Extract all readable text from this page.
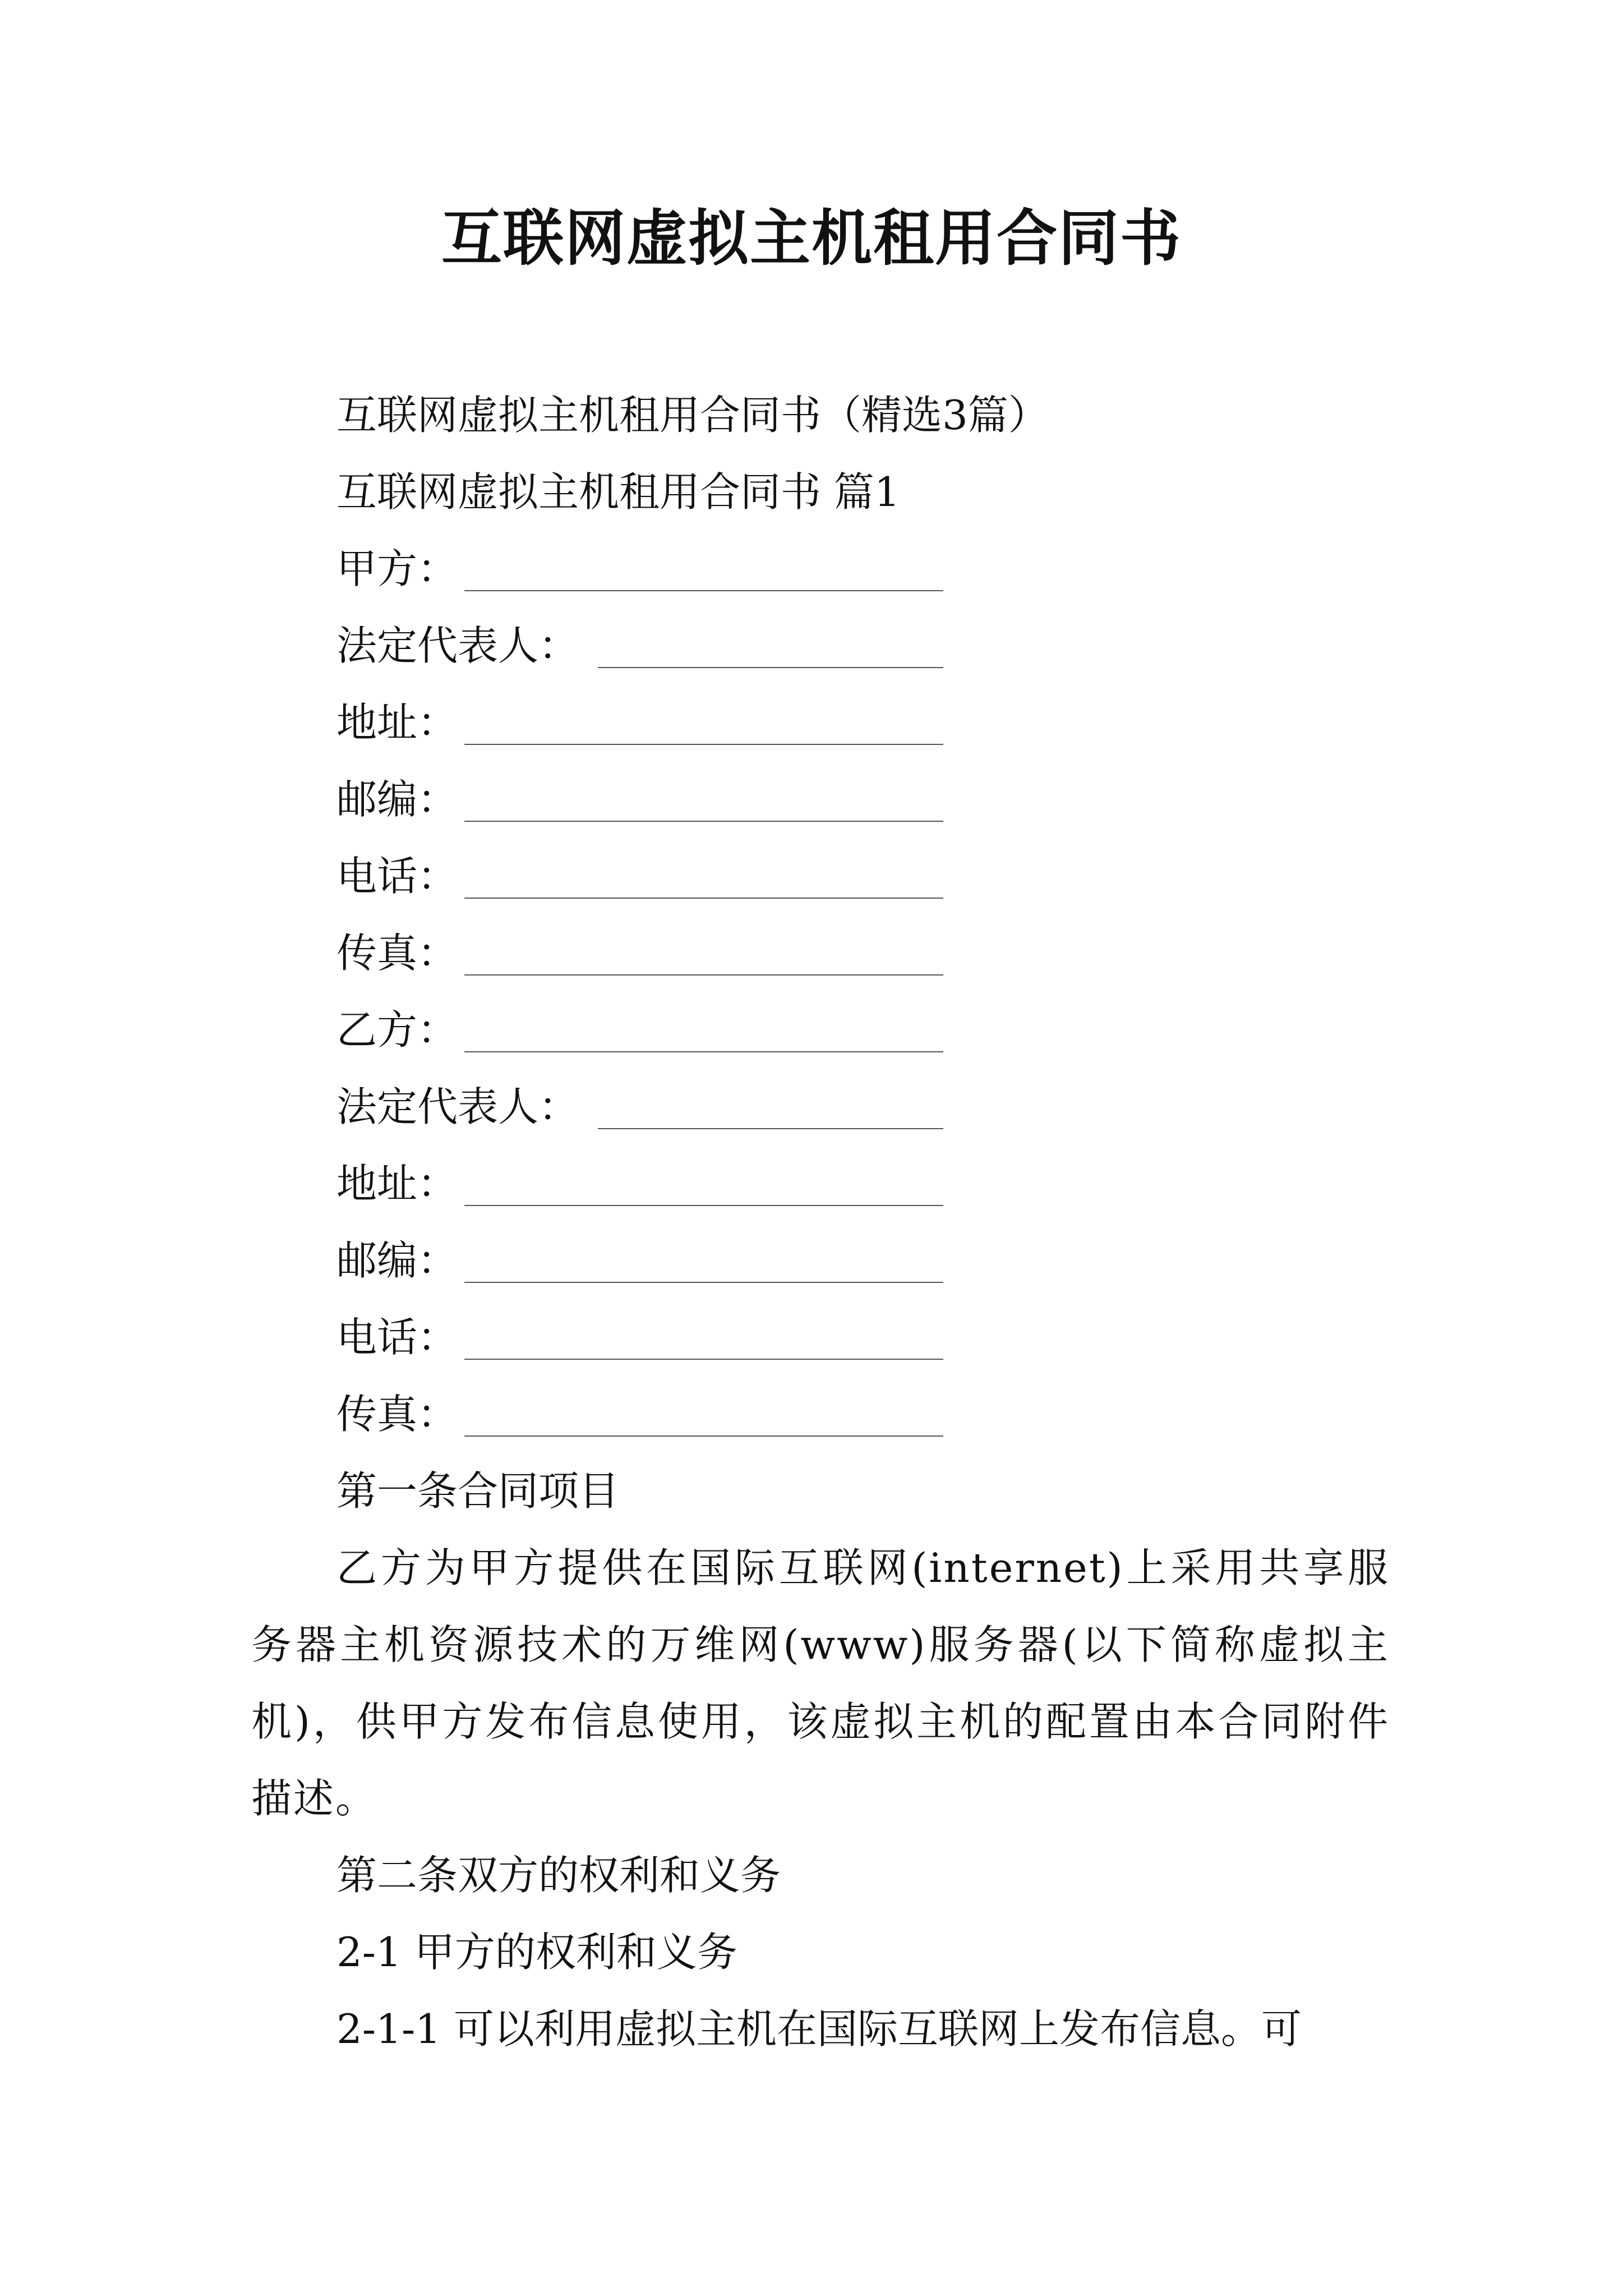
互联网虚拟主机租用合同书
互联网虚拟主机租用合同书（精选3篇）
互联网虚拟主机租用合同书 篇1
甲方：
法定代表人：
地址：
邮编：
电话：
传真：
乙方：
法定代表人：
地址：
邮编：
电话：
传真：
第一条合同项目
乙方为甲方提供在国际互联网(internet)上采用共享服务器主机资源技术的万维网(www)服务器(以下简称虚拟主机)，供甲方发布信息使用，该虚拟主机的配置由本合同附件描述。
第二条双方的权利和义务
2-1 甲方的权利和义务
2-1-1 可以利用虚拟主机在国际互联网上发布信息。可
